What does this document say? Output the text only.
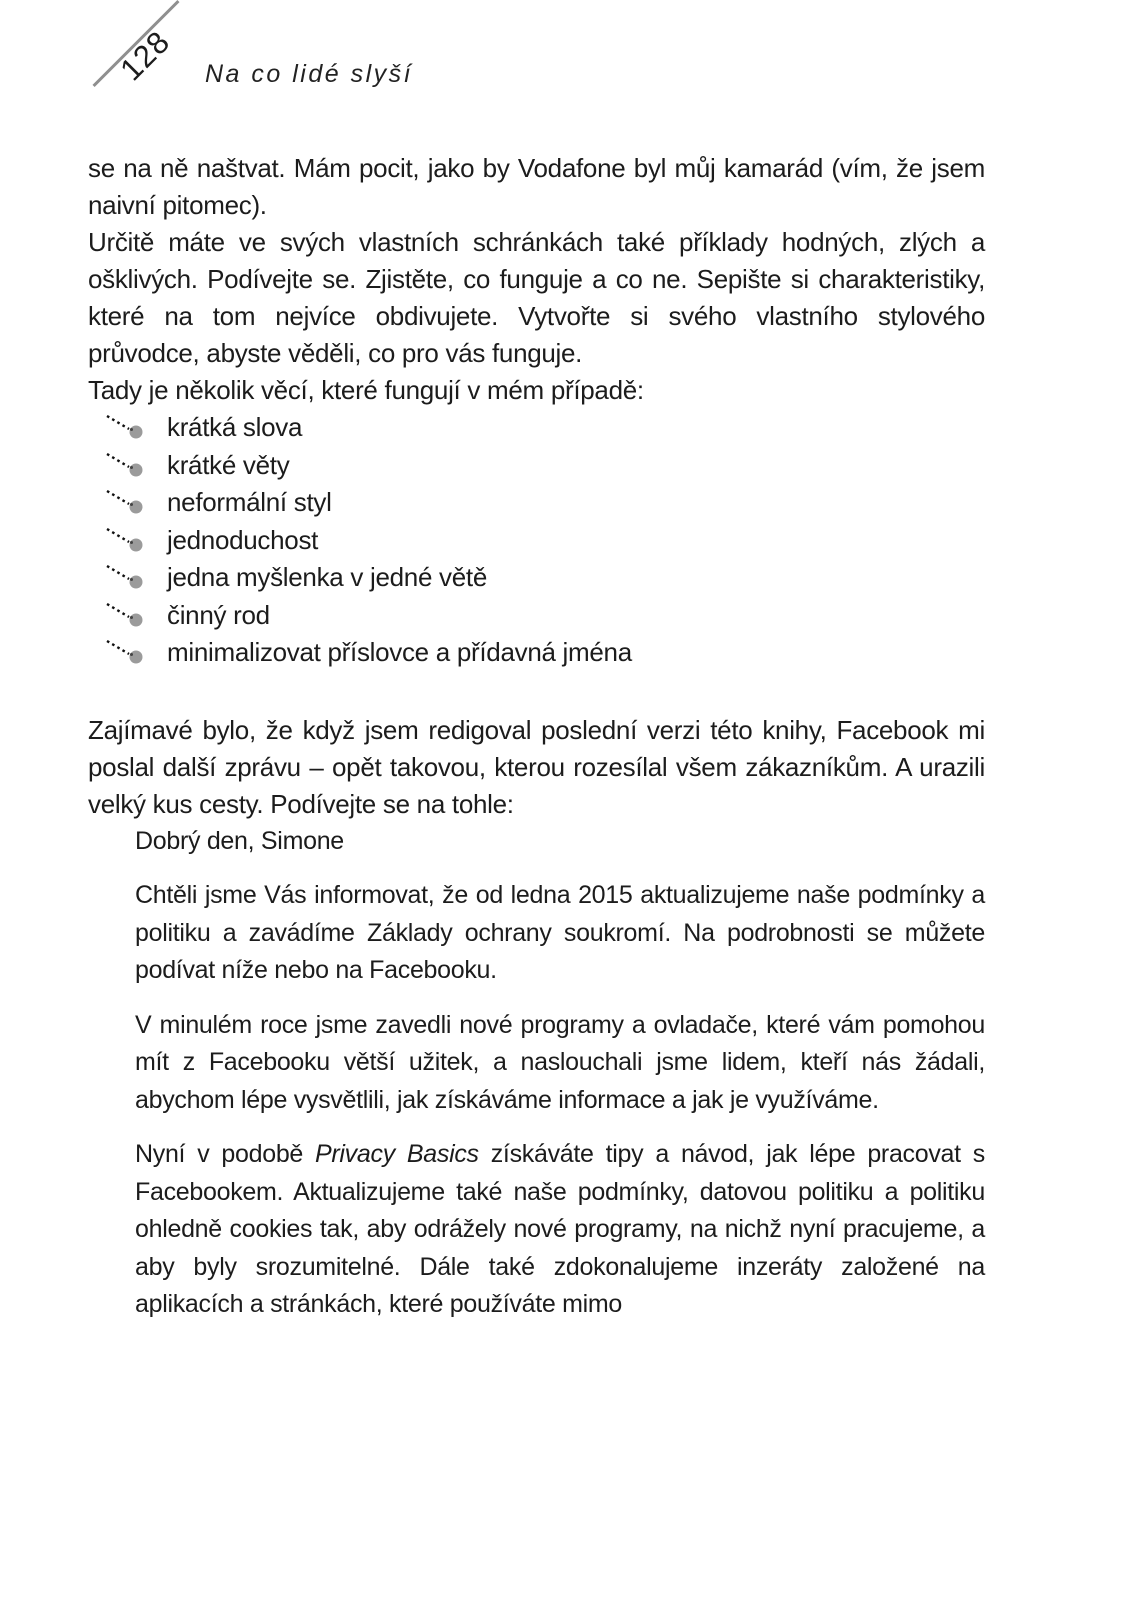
128 Na co lidé slyší

se na ně naštvat. Mám pocit, jako by Vodafone byl můj kamarád (vím, že jsem naivní pitomec).

Určitě máte ve svých vlastních schránkách také příklady hodných, zlých a ošklivých. Podívejte se. Zjistěte, co funguje a co ne. Sepište si charakteristiky, které na tom nejvíce obdivujete. Vytvořte si svého vlastního stylového průvodce, abyste věděli, co pro vás funguje.

Tady je několik věcí, které fungují v mém případě:

krátká slova
krátké věty
neformální styl
jednoduchost
jedna myšlenka v jedné větě
činný rod
minimalizovat příslovce a přídavná jména

Zajímavé bylo, že když jsem redigoval poslední verzi této knihy, Facebook mi poslal další zprávu – opět takovou, kterou rozesílal všem zákazníkům. A urazili velký kus cesty. Podívejte se na tohle:

Dobrý den, Simone

Chtěli jsme Vás informovat, že od ledna 2015 aktualizujeme naše podmínky a politiku a zavádíme Základy ochrany soukromí. Na podrobnosti se můžete podívat níže nebo na Facebooku.

V minulém roce jsme zavedli nové programy a ovladače, které vám pomohou mít z Facebooku větší užitek, a naslouchali jsme lidem, kteří nás žádali, abychom lépe vysvětlili, jak získáváme informace a jak je využíváme.

Nyní v podobě Privacy Basics získáváte tipy a návod, jak lépe pracovat s Facebookem. Aktualizujeme také naše podmínky, datovou politiku a politiku ohledně cookies tak, aby odrážely nové programy, na nichž nyní pracujeme, a aby byly srozumitelné. Dále také zdokonalujeme inzeráty založené na aplikacích a stránkách, které používáte mimo
